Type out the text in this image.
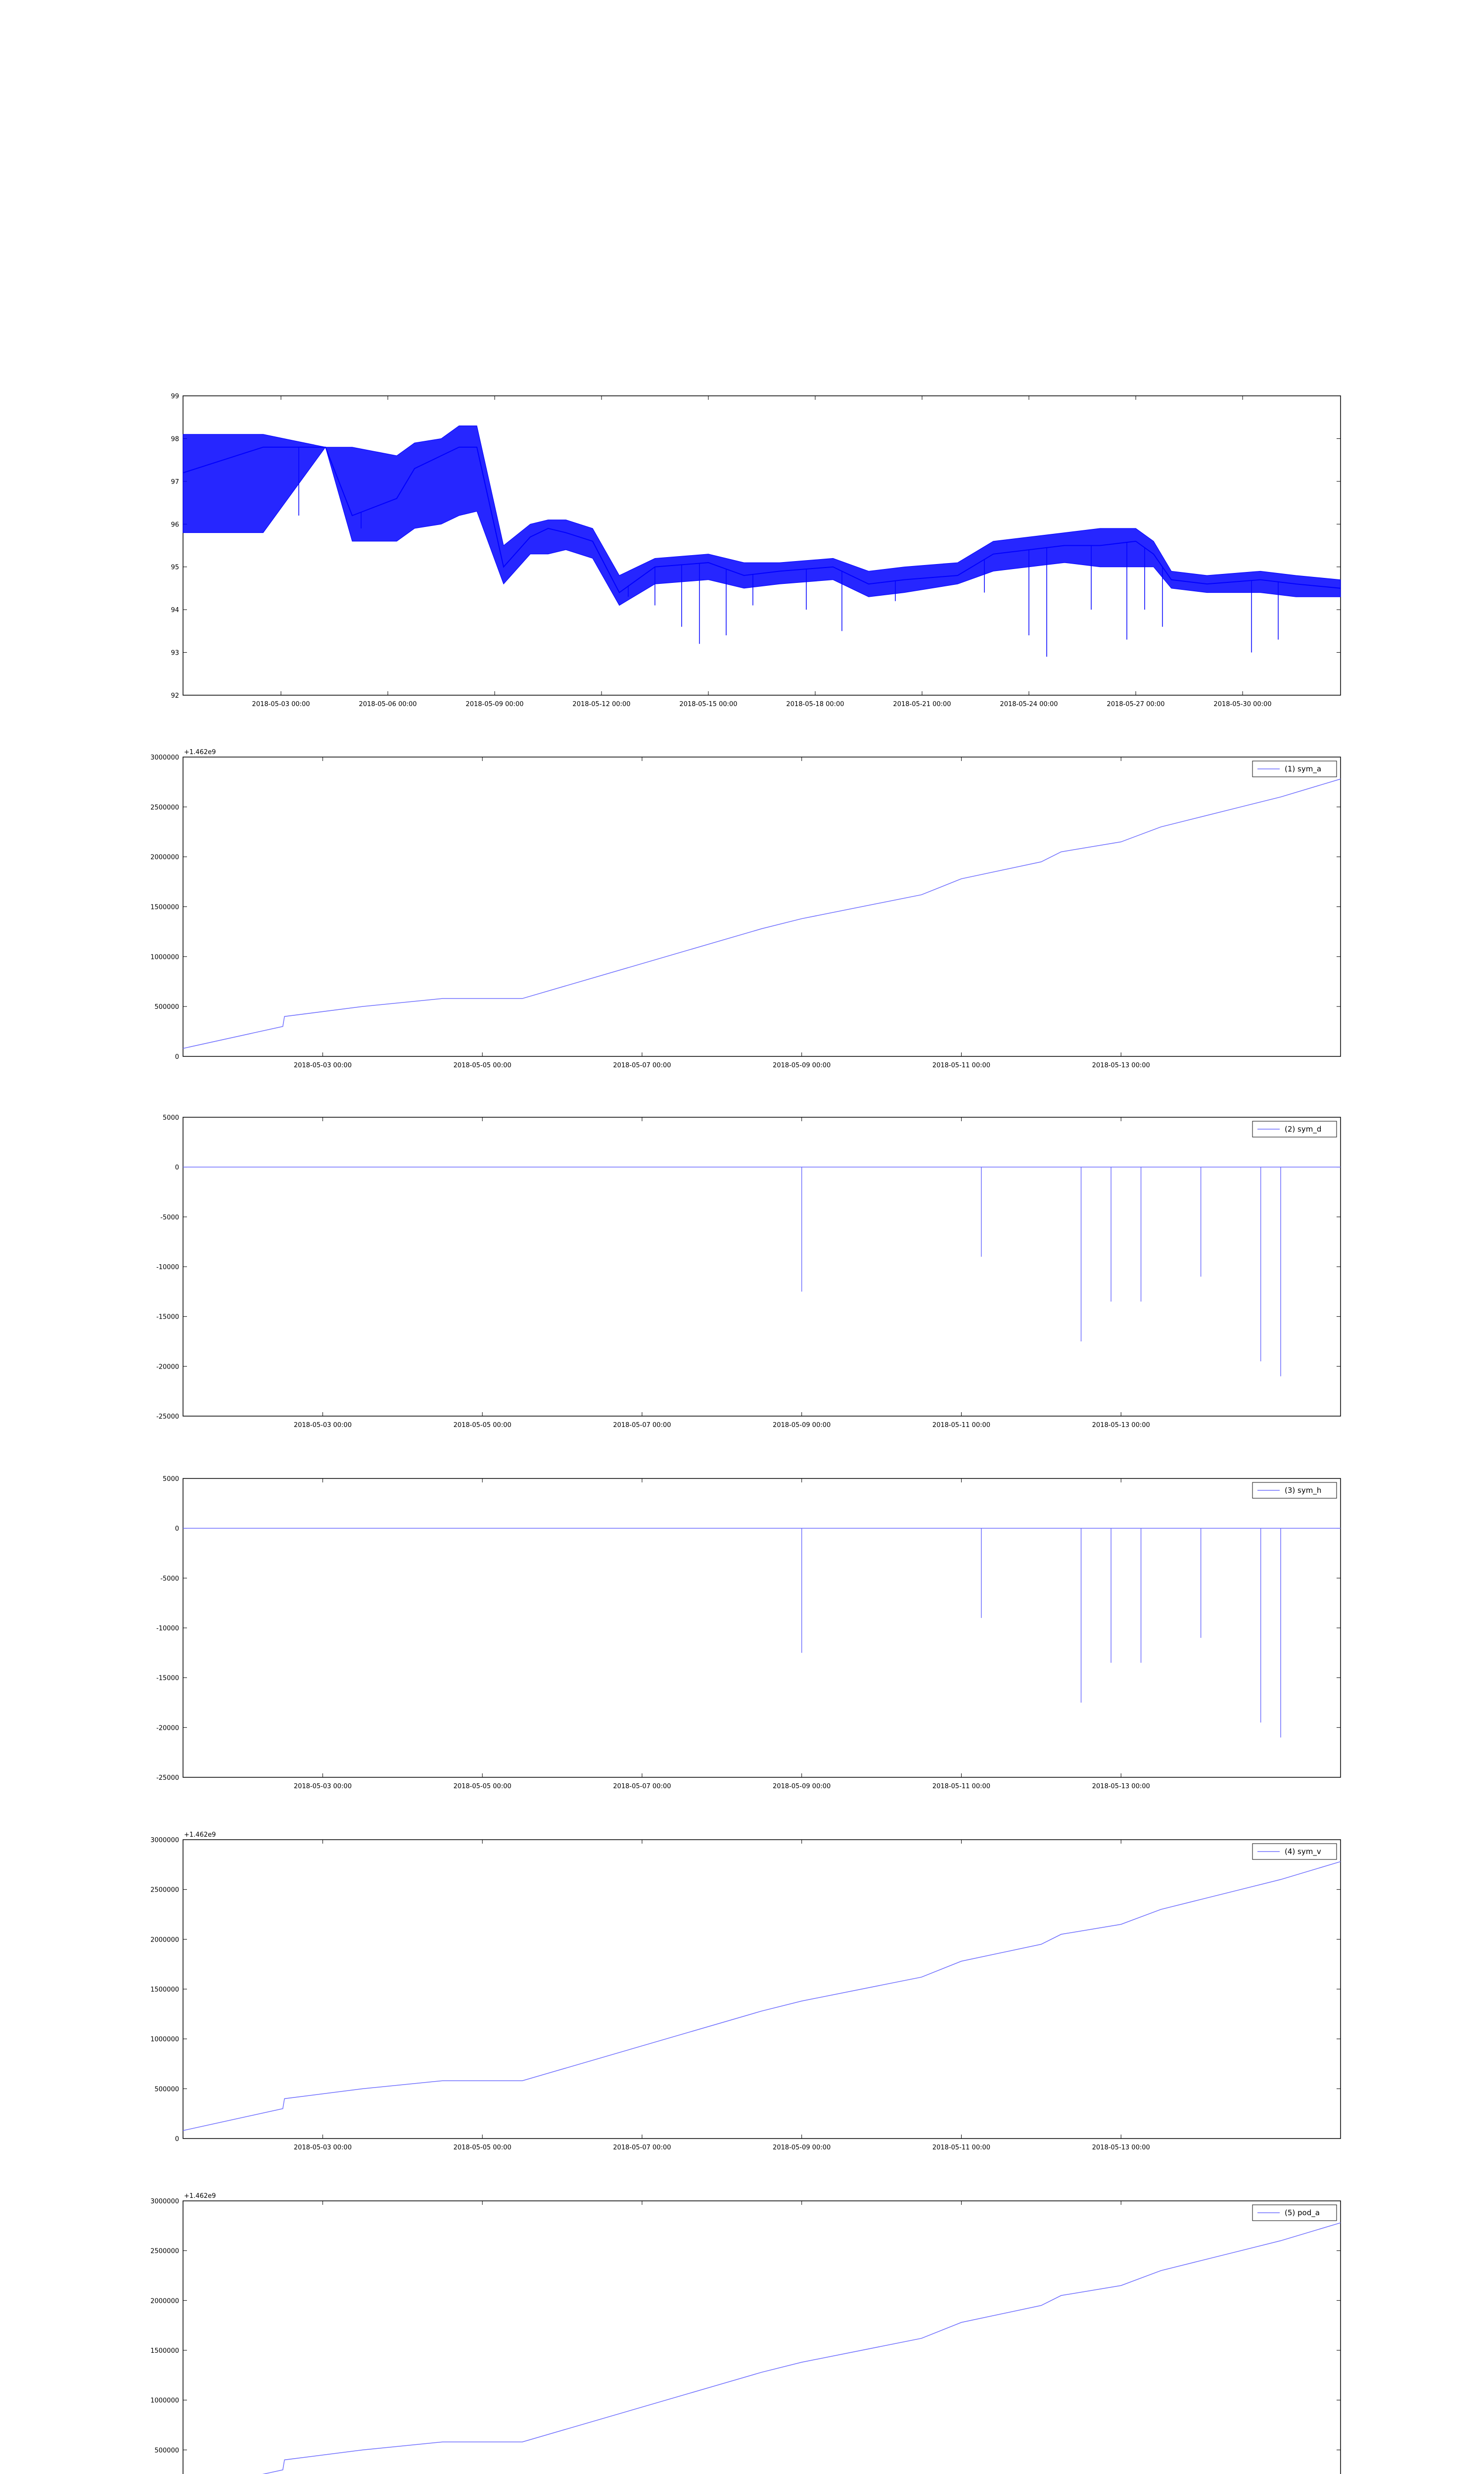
2018-05-03 00:00	2018-05-06 00:00	2018-05-09 00:00	2018-05-12 00:00	2018-05-15 00:00	2018-05-18 00:00	2018-05-21 00:00	2018-05-24 00:00	2018-05-27 00:00	2018-05-30 00:00
92
93
94
95
96
97
98
99
2018-05-03 00:00	2018-05-05 00:00	2018-05-07 00:00	2018-05-09 00:00	2018-05-11 00:00	2018-05-13 00:00
0
500000
1000000
1500000
2000000
2500000
3000000
+1.462e9
(1) sym_a
2018-05-03 00:00	2018-05-05 00:00	2018-05-07 00:00	2018-05-09 00:00	2018-05-11 00:00	2018-05-13 00:00
-25000
-20000
-15000
-10000
-5000
0
5000
(2) sym_d
2018-05-03 00:00	2018-05-05 00:00	2018-05-07 00:00	2018-05-09 00:00	2018-05-11 00:00	2018-05-13 00:00
-25000
-20000
-15000
-10000
-5000
0
5000
(3) sym_h
2018-05-03 00:00	2018-05-05 00:00	2018-05-07 00:00	2018-05-09 00:00	2018-05-11 00:00	2018-05-13 00:00
0
500000
1000000
1500000
2000000
2500000
3000000
+1.462e9
(4) sym_v
500000
1000000
1500000
2000000
2500000
3000000
+1.462e9
(5) pod_a
